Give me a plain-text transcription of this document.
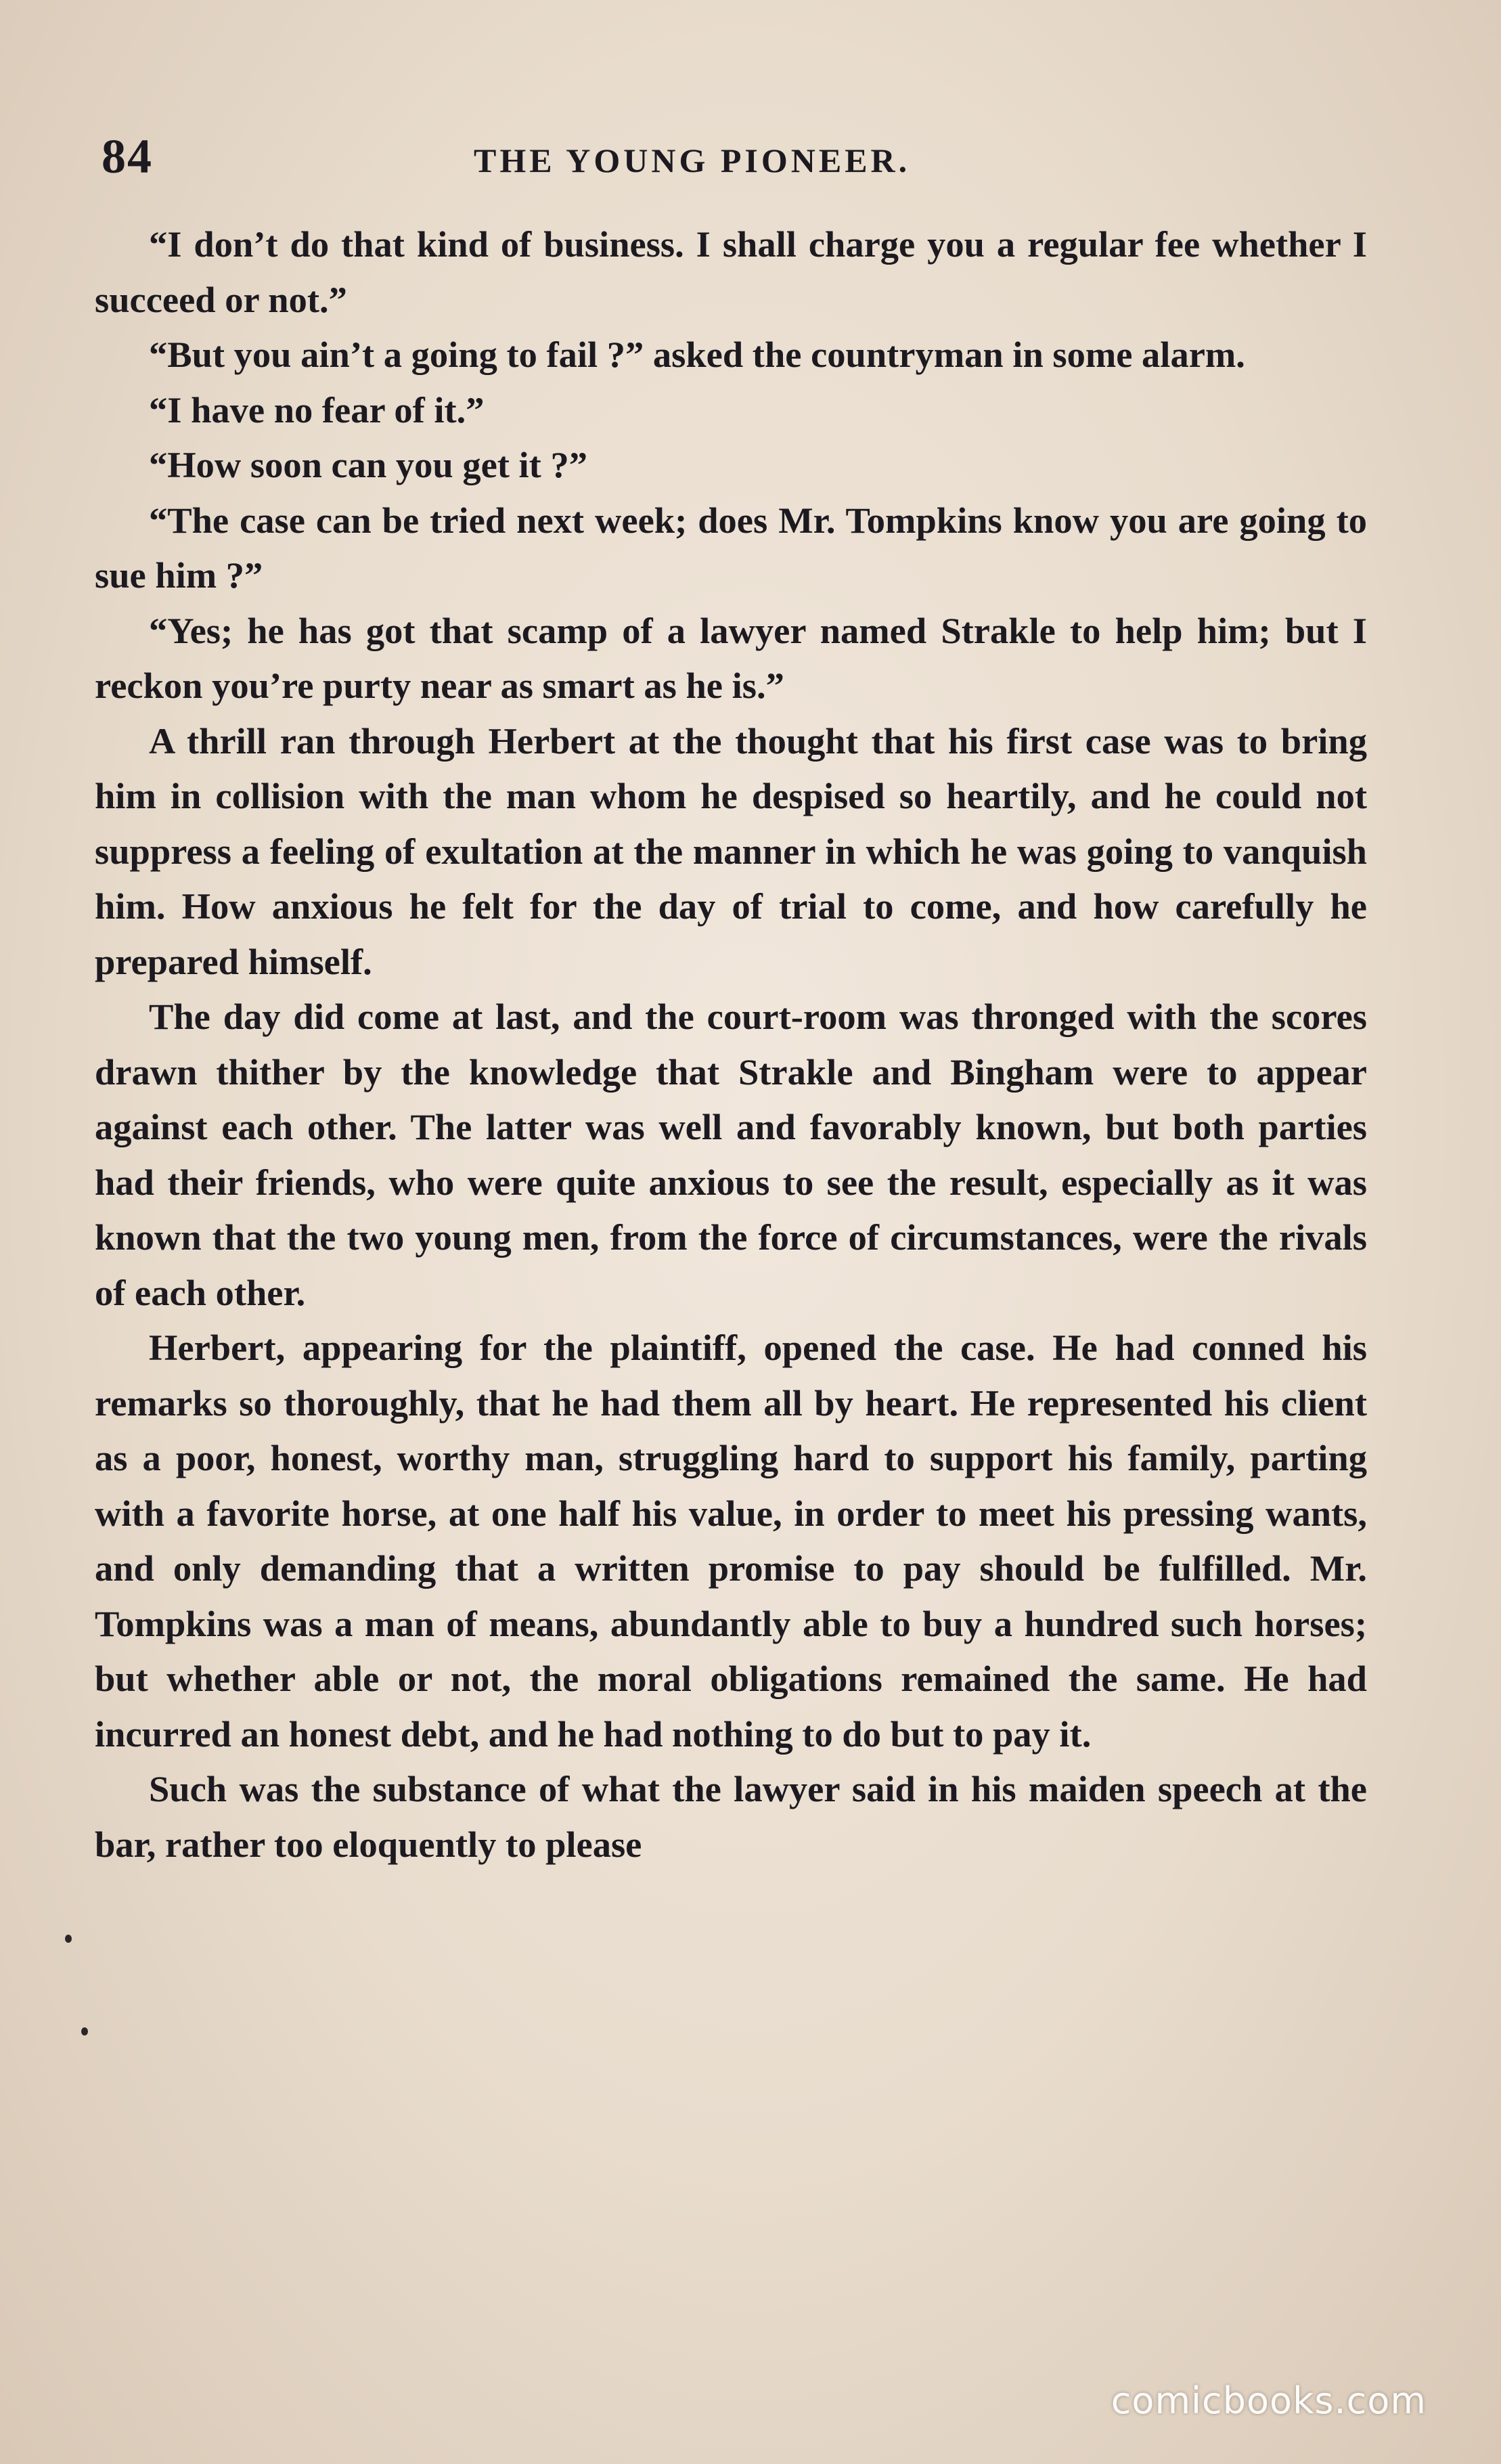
84	THE YOUNG PIONEER.

“I don’t do that kind of business. I shall charge you a regular fee whether I succeed or not.”

“But you ain’t a going to fail ?” asked the countryman in some alarm.

“I have no fear of it.”

“How soon can you get it ?”

“The case can be tried next week; does Mr. Tompkins know you are going to sue him ?”

“Yes; he has got that scamp of a lawyer named Strakle to help him; but I reckon you’re purty near as smart as he is.”

A thrill ran through Herbert at the thought that his first case was to bring him in collision with the man whom he despised so heartily, and he could not suppress a feeling of exultation at the manner in which he was going to vanquish him. How anxious he felt for the day of trial to come, and how carefully he prepared himself.

The day did come at last, and the court-room was thronged with the scores drawn thither by the knowledge that Strakle and Bingham were to appear against each other. The latter was well and favorably known, but both parties had their friends, who were quite anxious to see the result, especially as it was known that the two young men, from the force of circumstances, were the rivals of each other.

Herbert, appearing for the plaintiff, opened the case. He had conned his remarks so thoroughly, that he had them all by heart. He represented his client as a poor, honest, worthy man, struggling hard to support his family, parting with a favorite horse, at one half his value, in order to meet his pressing wants, and only demanding that a written promise to pay should be fulfilled. Mr. Tompkins was a man of means, abundantly able to buy a hundred such horses; but whether able or not, the moral obligations remained the same. He had incurred an honest debt, and he had nothing to do but to pay it.

Such was the substance of what the lawyer said in his maiden speech at the bar, rather too eloquently to please

comicbooks.com
